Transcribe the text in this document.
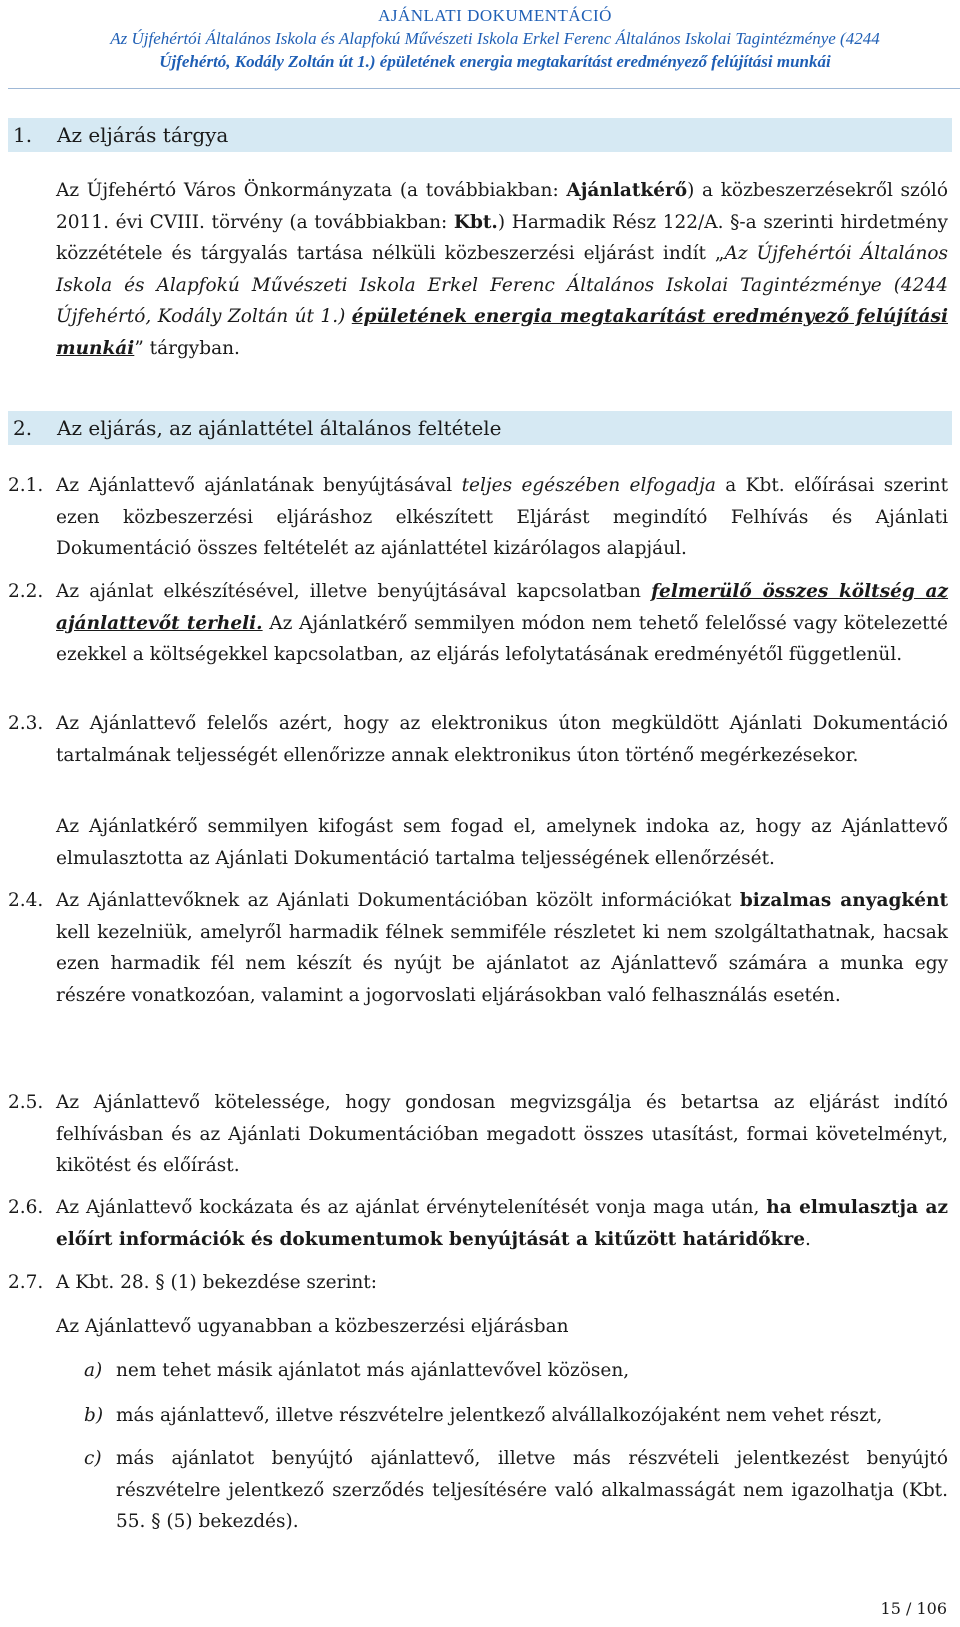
AJÁNLATI DOKUMENTÁCIÓ
Az Újfehértói Általános Iskola és Alapfokú Művészeti Iskola Erkel Ferenc Általános Iskolai Tagintézménye (4244
Újfehértó, Kodály Zoltán út 1.) épületének energia megtakarítást eredményező felújítási munkái
1. Az eljárás tárgya
Az Újfehértó Város Önkormányzata (a továbbiakban: Ajánlatkérő) a közbeszerzésekről szóló 2011. évi CVIII. törvény (a továbbiakban: Kbt.) Harmadik Rész 122/A. §-a szerinti hirdetmény közzététele és tárgyalás tartása nélküli közbeszerzési eljárást indít „Az Újfehértói Általános Iskola és Alapfokú Művészeti Iskola Erkel Ferenc Általános Iskolai Tagintézménye (4244 Újfehértó, Kodály Zoltán út 1.) épületének energia megtakarítást eredményező felújítási munkái” tárgyban.
2. Az eljárás, az ajánlattétel általános feltétele
2.1. Az Ajánlattevő ajánlatának benyújtásával teljes egészében elfogadja a Kbt. előírásai szerint ezen közbeszerzési eljáráshoz elkészített Eljárást megindító Felhívás és Ajánlati Dokumentáció összes feltételét az ajánlattétel kizárólagos alapjául.
2.2. Az ajánlat elkészítésével, illetve benyújtásával kapcsolatban felmerülő összes költség az ajánlattevőt terheli. Az Ajánlatkérő semmilyen módon nem tehető felelőssé vagy kötelezetté ezekkel a költségekkel kapcsolatban, az eljárás lefolytatásának eredményétől függetlenül.
2.3. Az Ajánlattevő felelős azért, hogy az elektronikus úton megküldött Ajánlati Dokumentáció tartalmának teljességét ellenőrizze annak elektronikus úton történő megérkezésekor.
Az Ajánlatkérő semmilyen kifogást sem fogad el, amelynek indoka az, hogy az Ajánlattevő elmulasztotta az Ajánlati Dokumentáció tartalma teljességének ellenőrzését.
2.4. Az Ajánlattevőknek az Ajánlati Dokumentációban közölt információkat bizalmas anyagként kell kezelniük, amelyről harmadik félnek semmiféle részletet ki nem szolgáltathatnak, hacsak ezen harmadik fél nem készít és nyújt be ajánlatot az Ajánlattevő számára a munka egy részére vonatkozóan, valamint a jogorvoslati eljárásokban való felhasználás esetén.
2.5. Az Ajánlattevő kötelessége, hogy gondosan megvizsgálja és betartsa az eljárást indító felhívásban és az Ajánlati Dokumentációban megadott összes utasítást, formai követelményt, kikötést és előírást.
2.6. Az Ajánlattevő kockázata és az ajánlat érvénytelenítését vonja maga után, ha elmulasztja az előírt információk és dokumentumok benyújtását a kitűzött határidőkre.
2.7. A Kbt. 28. § (1) bekezdése szerint:
Az Ajánlattevő ugyanabban a közbeszerzési eljárásban
a) nem tehet másik ajánlatot más ajánlattevővel közösen,
b) más ajánlattevő, illetve részvételre jelentkező alvállalkozójaként nem vehet részt,
c) más ajánlatot benyújtó ajánlattevő, illetve más részvételi jelentkezést benyújtó részvételre jelentkező szerződés teljesítésére való alkalmasságát nem igazolhatja (Kbt. 55. § (5) bekezdés).
15 / 106
